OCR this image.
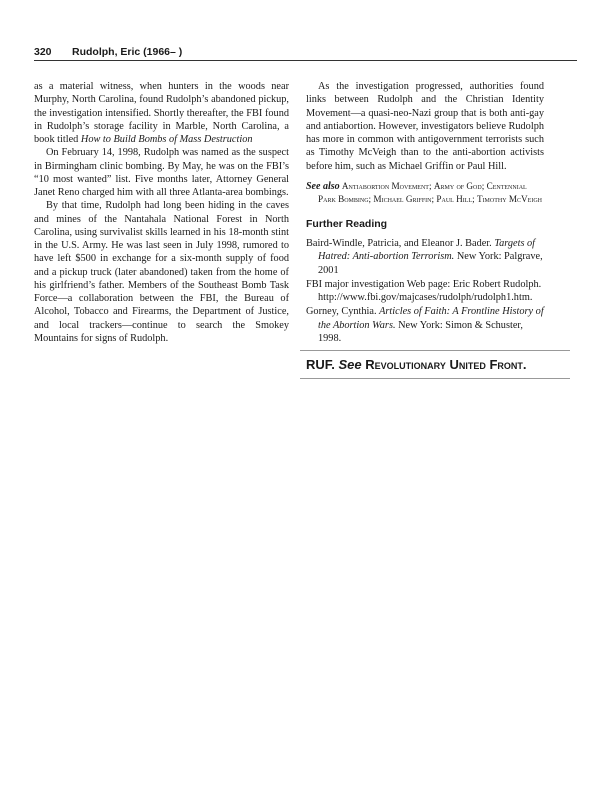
320	Rudolph, Eric (1966– )

as a material witness, when hunters in the woods near Murphy, North Carolina, found Rudolph’s abandoned pickup, the investigation intensified. Shortly thereafter, the FBI found in Rudolph’s storage facility in Marble, North Carolina, a book titled How to Build Bombs of Mass Destruction

On February 14, 1998, Rudolph was named as the suspect in Birmingham clinic bombing. By May, he was on the FBI’s “10 most wanted” list. Five months later, Attorney General Janet Reno charged him with all three Atlanta-area bombings.

By that time, Rudolph had long been hiding in the caves and mines of the Nantahala National Forest in North Carolina, using survivalist skills learned in his 18-month stint in the U.S. Army. He was last seen in July 1998, rumored to have left $500 in exchange for a six-month supply of food and a pickup truck (later abandoned) taken from the home of his girlfriend’s father. Members of the Southeast Bomb Task Force—a collaboration between the FBI, the Bureau of Alcohol, Tobacco and Firearms, the Department of Justice, and local trackers—continue to search the Smokey Mountains for signs of Rudolph.

As the investigation progressed, authorities found links between Rudolph and the Christian Identity Movement—a quasi-neo-Nazi group that is both anti-gay and antiabortion. However, investigators believe Rudolph has more in common with antigovernment terrorists such as Timothy McVeigh than to the anti-abortion activists before him, such as Michael Griffin or Paul Hill.

See also Antiabortion Movement; Army of God; Centennial Park Bombing; Michael Griffin; Paul Hill; Timothy McVeigh
Further Reading
Baird-Windle, Patricia, and Eleanor J. Bader. Targets of Hatred: Anti-abortion Terrorism. New York: Palgrave, 2001
FBI major investigation Web page: Eric Robert Rudolph. http://www.fbi.gov/majcases/rudolph/rudolph1.htm.
Gorney, Cynthia. Articles of Faith: A Frontline History of the Abortion Wars. New York: Simon & Schuster, 1998.
RUF. See Revolutionary United Front.
